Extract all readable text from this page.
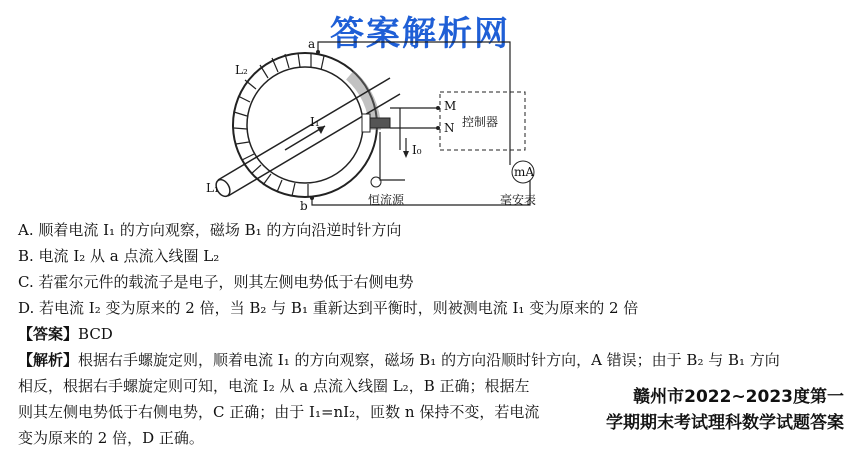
答案解析网
a
b
L₂
L₁
I₁
I₀
M
N 控制器
恒流源
mA
毫安表
A. 顺着电流 I₁ 的方向观察，磁场 B₁ 的方向沿逆时针方向
B. 电流 I₂ 从 a 点流入线圈 L₂
C. 若霍尔元件的载流子是电子，则其左侧电势低于右侧电势
D. 若电流 I₂ 变为原来的 2 倍，当 B₂ 与 B₁ 重新达到平衡时，则被测电流 I₁ 变为原来的 2 倍
【答案】BCD
【解析】根据右手螺旋定则，顺着电流 I₁ 的方向观察，磁场 B₁ 的方向沿顺时针方向，A 错误；由于 B₂ 与 B₁ 方向
相反，根据右手螺旋定则可知，电流 I₂ 从 a 点流入线圈 L₂，B 正确；根据左
则其左侧电势低于右侧电势，C 正确；由于 I₁=nI₂，匝数 n 保持不变，若电流
变为原来的 2 倍，D 正确。
赣州市2022~2023度第一
学期期末考试理科数学试题答案
